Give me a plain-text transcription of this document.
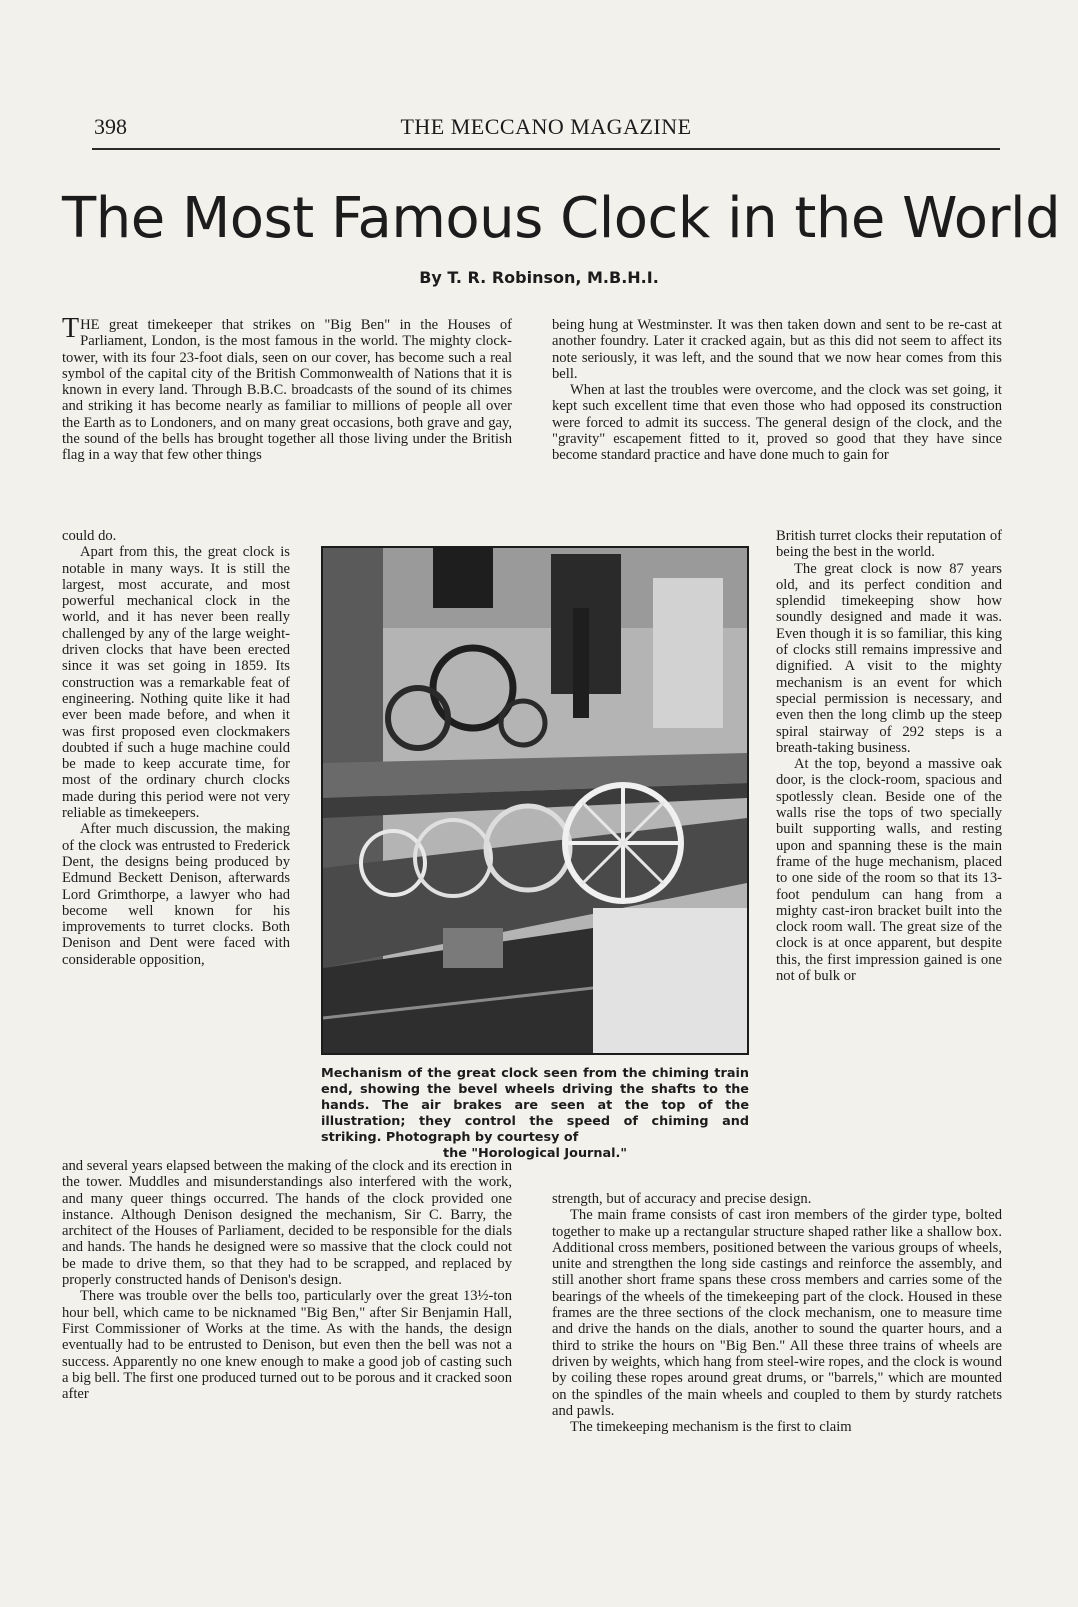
398	THE MECCANO MAGAZINE
The Most Famous Clock in the World
By T. R. Robinson, M.B.H.I.

THE great timekeeper that strikes on "Big Ben" in the Houses of Parliament, London, is the most famous in the world. The mighty clock-tower, with its four 23-foot dials, seen on our cover, has become such a real symbol of the capital city of the British Commonwealth of Nations that it is known in every land. Through B.B.C. broadcasts of the sound of its chimes and striking it has become nearly as familiar to millions of people all over the Earth as to Londoners, and on many great occasions, both grave and gay, the sound of the bells has brought together all those living under the British flag in a way that few other things

could do.

Apart from this, the great clock is notable in many ways. It is still the largest, most accurate, and most powerful mechanical clock in the world, and it has never been really challenged by any of the large weight-driven clocks that have been erected since it was set going in 1859. Its construction was a remarkable feat of engineering. Nothing quite like it had ever been made before, and when it was first proposed even clockmakers doubted if such a huge machine could be made to keep accurate time, for most of the ordinary church clocks made during this period were not very reliable as timekeepers.

After much discussion, the making of the clock was entrusted to Frederick Dent, the designs being produced by Edmund Beckett Denison, afterwards Lord Grimthorpe, a lawyer who had become well known for his improvements to turret clocks. Both Denison and Dent were faced with considerable opposition,

and several years elapsed between the making of the clock and its erection in the tower. Muddles and misunderstandings also interfered with the work, and many queer things occurred. The hands of the clock provided one instance. Although Denison designed the mechanism, Sir C. Barry, the architect of the Houses of Parliament, decided to be responsible for the dials and hands. The hands he designed were so massive that the clock could not be made to drive them, so that they had to be scrapped, and replaced by properly constructed hands of Denison's design.

There was trouble over the bells too, particularly over the great 13½-ton hour bell, which came to be nicknamed "Big Ben," after Sir Benjamin Hall, First Commissioner of Works at the time. As with the hands, the design eventually had to be entrusted to Denison, but even then the bell was not a success. Apparently no one knew enough to make a good job of casting such a big bell. The first one produced turned out to be porous and it cracked soon after

being hung at Westminster. It was then taken down and sent to be re-cast at another foundry. Later it cracked again, but as this did not seem to affect its note seriously, it was left, and the sound that we now hear comes from this bell.

When at last the troubles were overcome, and the clock was set going, it kept such excellent time that even those who had opposed its construction were forced to admit its success. The general design of the clock, and the "gravity" escapement fitted to it, proved so good that they have since become standard practice and have done much to gain for

British turret clocks their reputation of being the best in the world.

The great clock is now 87 years old, and its perfect condition and splendid timekeeping show how soundly designed and made it was. Even though it is so familiar, this king of clocks still remains impressive and dignified. A visit to the mighty mechanism is an event for which special permission is necessary, and even then the long climb up the steep spiral stairway of 292 steps is a breath-taking business.

At the top, beyond a massive oak door, is the clock-room, spacious and spotlessly clean. Beside one of the walls rise the tops of two specially built supporting walls, and resting upon and spanning these is the main frame of the huge mechanism, placed to one side of the room so that its 13-foot pendulum can hang from a mighty cast-iron bracket built into the clock room wall. The great size of the clock is at once apparent, but despite this, the first impression gained is one not of bulk or

strength, but of accuracy and precise design.

The main frame consists of cast iron members of the girder type, bolted together to make up a rectangular structure shaped rather like a shallow box. Additional cross members, positioned between the various groups of wheels, unite and strengthen the long side castings and reinforce the assembly, and still another short frame spans these cross members and carries some of the bearings of the wheels of the timekeeping part of the clock. Housed in these frames are the three sections of the clock mechanism, one to measure time and drive the hands on the dials, another to sound the quarter hours, and a third to strike the hours on "Big Ben." All these three trains of wheels are driven by weights, which hang from steel-wire ropes, and the clock is wound by coiling these ropes around great drums, or "barrels," which are mounted on the spindles of the main wheels and coupled to them by sturdy ratchets and pawls.

The timekeeping mechanism is the first to claim

Mechanism of the great clock seen from the chiming train end, showing the bevel wheels driving the shafts to the hands. The air brakes are seen at the top of the illustration; they control the speed of chiming and striking. Photograph by courtesy of
the "Horological Journal."
